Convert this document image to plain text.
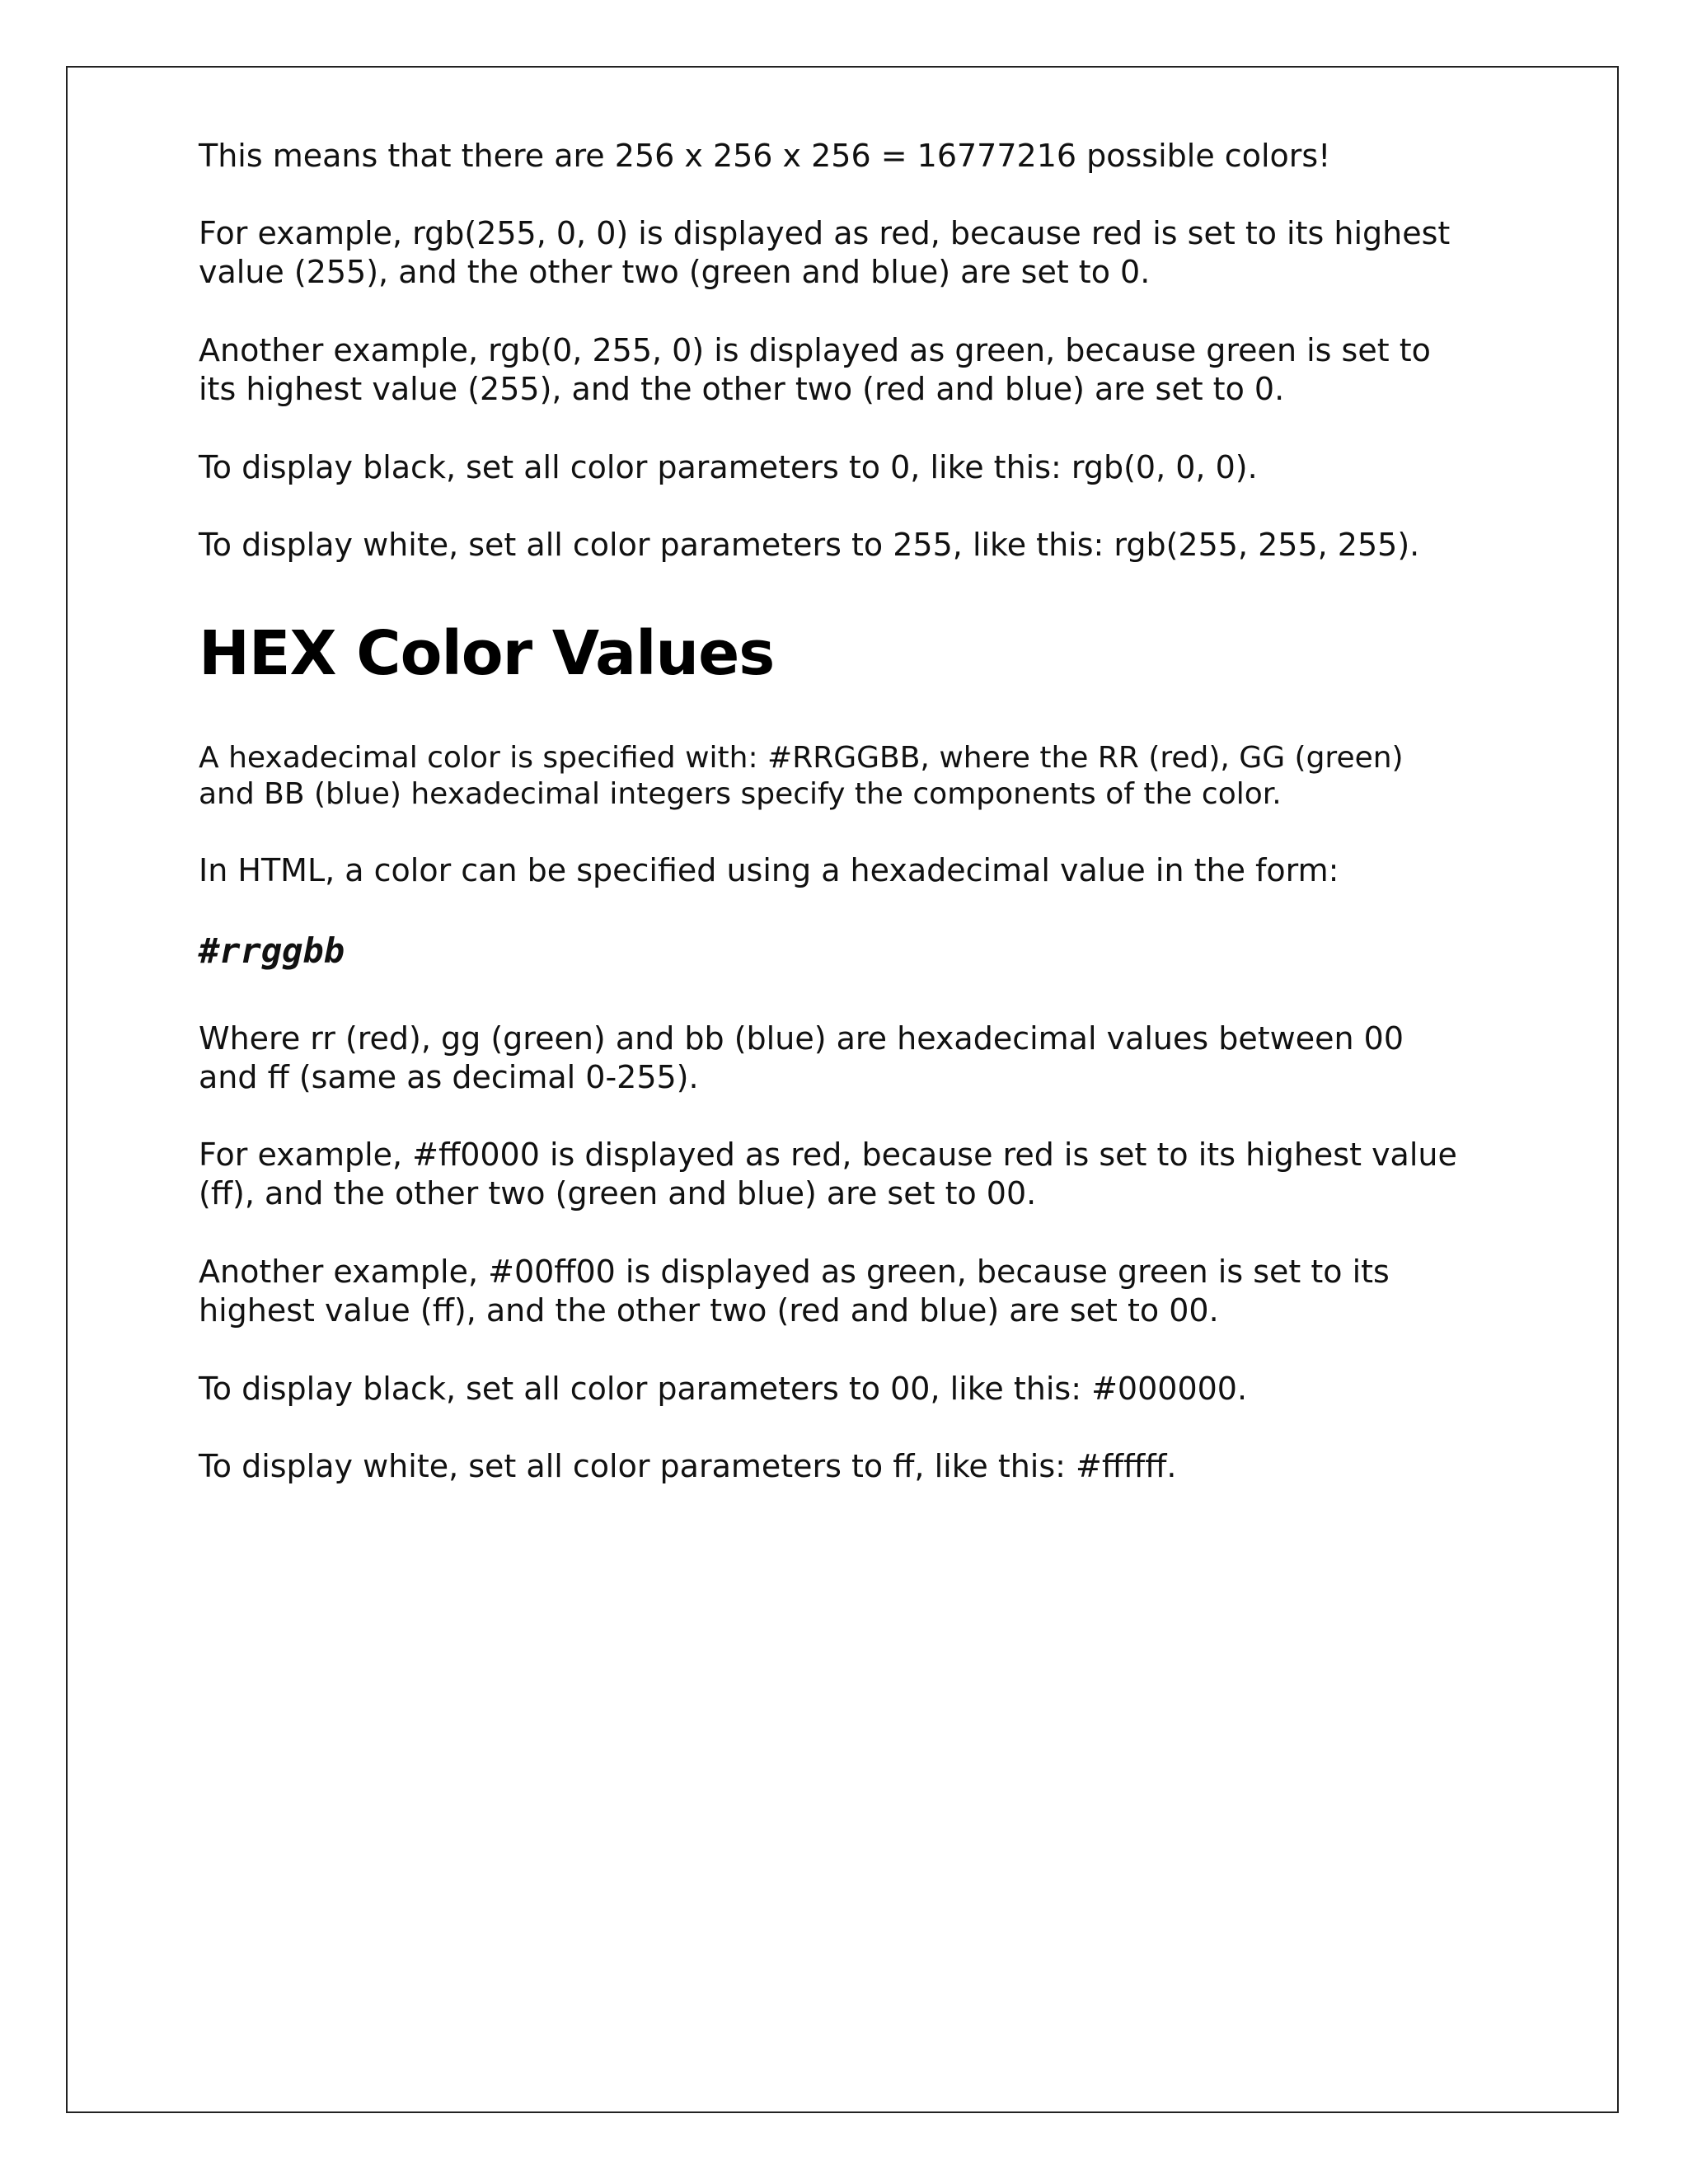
This means that there are 256 x 256 x 256 = 16777216 possible colors!

For example, rgb(255, 0, 0) is displayed as red, because red is set to its highest
value (255), and the other two (green and blue) are set to 0.

Another example, rgb(0, 255, 0) is displayed as green, because green is set to
its highest value (255), and the other two (red and blue) are set to 0.

To display black, set all color parameters to 0, like this: rgb(0, 0, 0).

To display white, set all color parameters to 255, like this: rgb(255, 255, 255).

HEX Color Values

A hexadecimal color is specified with: #RRGGBB, where the RR (red), GG (green)
and BB (blue) hexadecimal integers specify the components of the color.

In HTML, a color can be specified using a hexadecimal value in the form:

#rrggbb

Where rr (red), gg (green) and bb (blue) are hexadecimal values between 00
and ff (same as decimal 0-255).

For example, #ff0000 is displayed as red, because red is set to its highest value
(ff), and the other two (green and blue) are set to 00.

Another example, #00ff00 is displayed as green, because green is set to its
highest value (ff), and the other two (red and blue) are set to 00.

To display black, set all color parameters to 00, like this: #000000.

To display white, set all color parameters to ff, like this: #ffffff.
